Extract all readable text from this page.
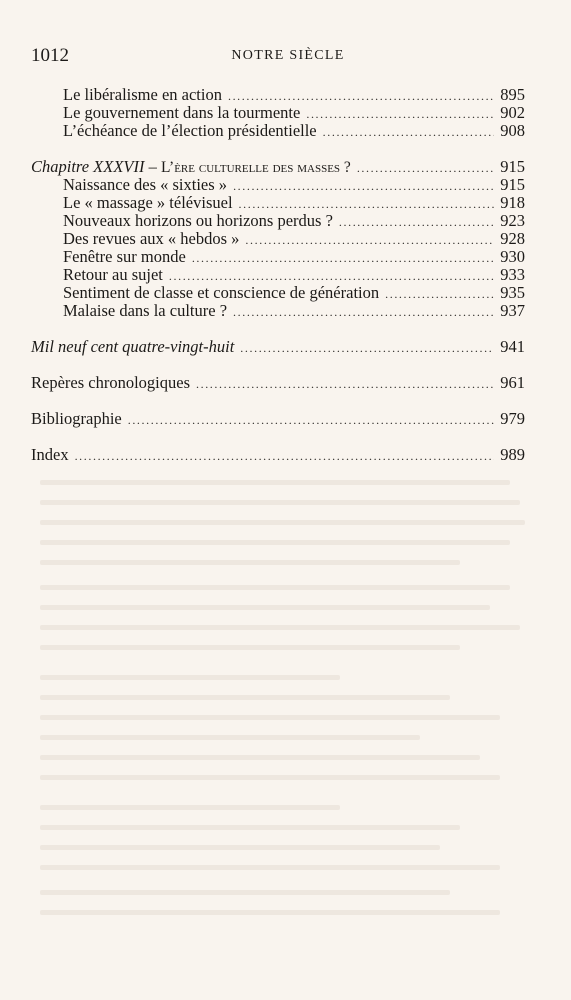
1012	NOTRE SIÈCLE
Le libéralisme en action .....	895
Le gouvernement dans la tourmente .....	902
L’échéance de l’élection présidentielle .....	908
Chapitre XXXVII – L’ère culturelle des masses ? .....	915
Naissance des « sixties » .....	915
Le « massage » télévisuel .....	918
Nouveaux horizons ou horizons perdus ? .....	923
Des revues aux « hebdos » .....	928
Fenêtre sur monde .....	930
Retour au sujet .....	933
Sentiment de classe et conscience de génération .....	935
Malaise dans la culture ? .....	937
Mil neuf cent quatre-vingt-huit .....	941
Repères chronologiques .....	961
Bibliographie .....	979
Index .....	989
